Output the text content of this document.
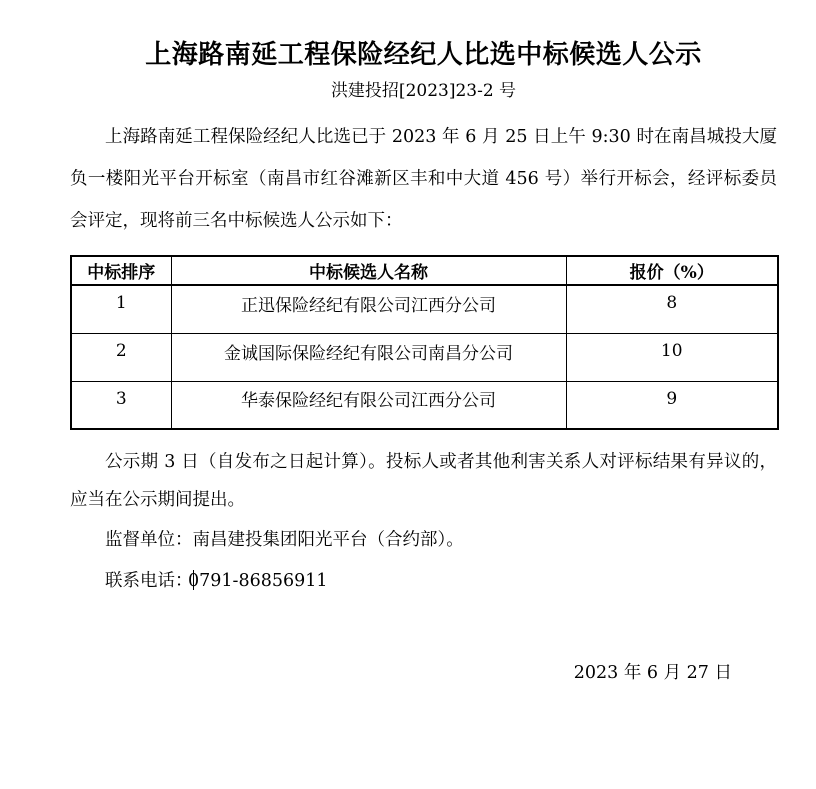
上海路南延工程保险经纪人比选中标候选人公示
洪建投招[2023]23-2 号

上海路南延工程保险经纪人比选已于 2023 年 6 月 25 日上午 9:30 时在南昌城投大厦负一楼阳光平台开标室（南昌市红谷滩新区丰和中大道 456 号）举行开标会，经评标委员会评定，现将前三名中标候选人公示如下：

中标排序	中标候选人名称	报价（%）
1	正迅保险经纪有限公司江西分公司	8
2	金诚国际保险经纪有限公司南昌分公司	10
3	华泰保险经纪有限公司江西分公司	9

公示期 3 日（自发布之日起计算）。投标人或者其他利害关系人对评标结果有异议的，应当在公示期间提出。

监督单位：南昌建投集团阳光平台（合约部）。

联系电话：0791-86856911

2023 年 6 月 27 日
